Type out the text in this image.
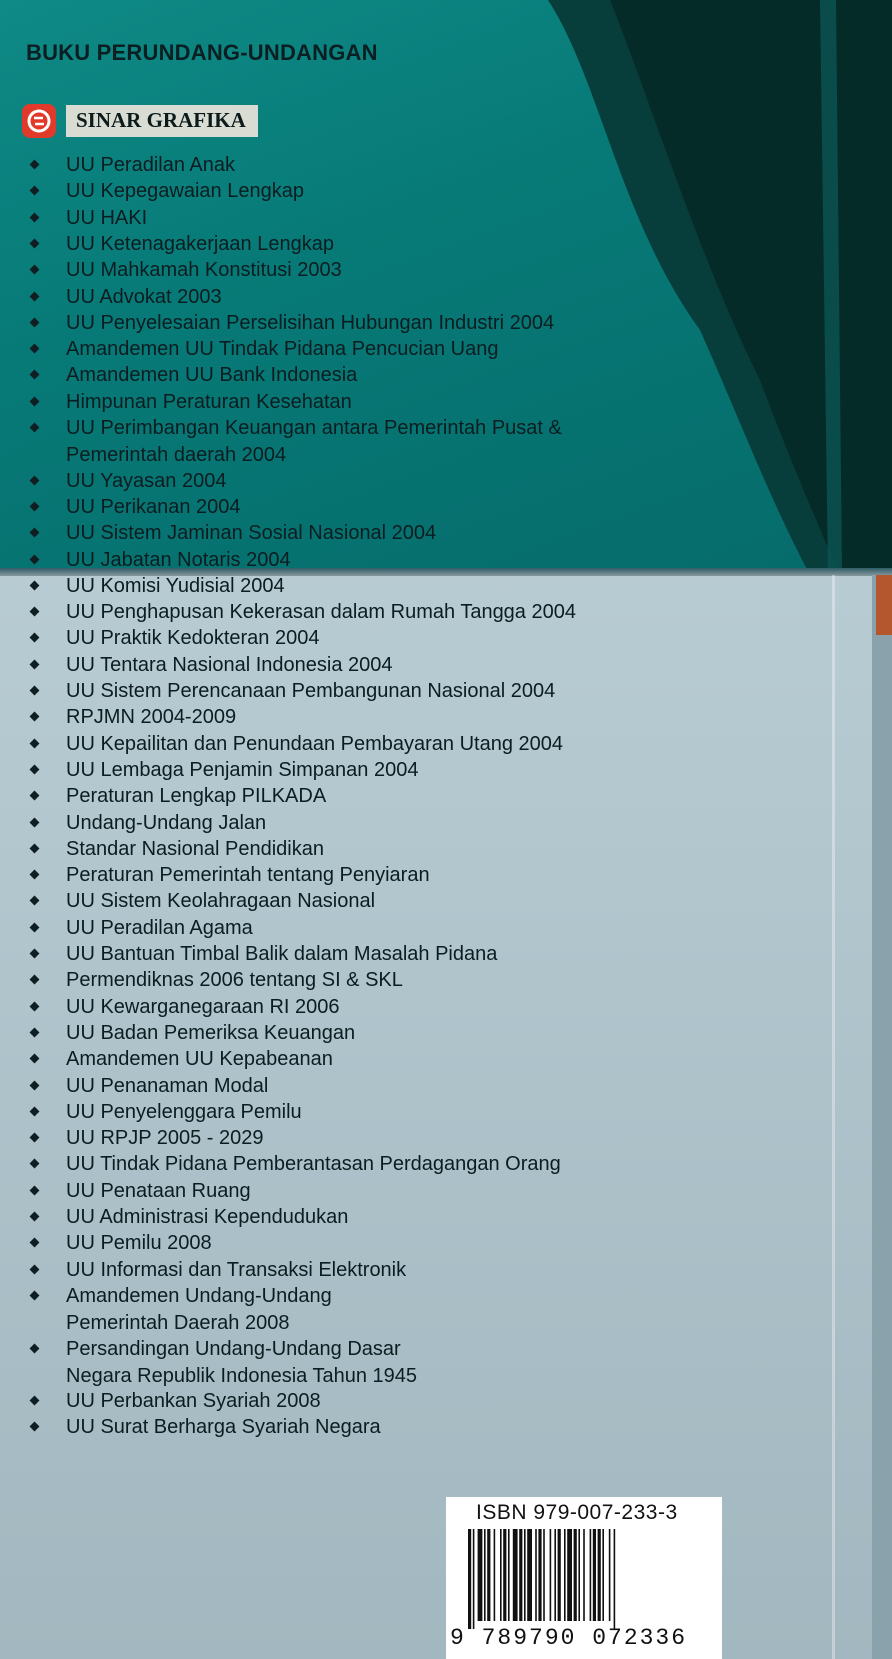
BUKU PERUNDANG-UNDANGAN
SINAR GRAFIKA
UU Peradilan Anak
UU Kepegawaian Lengkap
UU HAKI
UU Ketenagakerjaan Lengkap
UU Mahkamah Konstitusi 2003
UU Advokat 2003
UU Penyelesaian Perselisihan Hubungan Industri 2004
Amandemen UU Tindak Pidana Pencucian Uang
Amandemen UU Bank Indonesia
Himpunan Peraturan Kesehatan
UU Perimbangan Keuangan antara Pemerintah Pusat &
Pemerintah daerah 2004
UU Yayasan 2004
UU Perikanan 2004
UU Sistem Jaminan Sosial Nasional 2004
UU Jabatan Notaris 2004
UU Komisi Yudisial 2004
UU Penghapusan Kekerasan dalam Rumah Tangga 2004
UU Praktik Kedokteran 2004
UU Tentara Nasional Indonesia 2004
UU Sistem Perencanaan Pembangunan Nasional 2004
RPJMN 2004-2009
UU Kepailitan dan Penundaan Pembayaran Utang 2004
UU Lembaga Penjamin Simpanan 2004
Peraturan Lengkap PILKADA
Undang-Undang Jalan
Standar Nasional Pendidikan
Peraturan Pemerintah tentang Penyiaran
UU Sistem Keolahragaan Nasional
UU Peradilan Agama
UU Bantuan Timbal Balik dalam Masalah Pidana
Permendiknas 2006 tentang SI & SKL
UU Kewarganegaraan RI 2006
UU Badan Pemeriksa Keuangan
Amandemen UU Kepabeanan
UU Penanaman Modal
UU Penyelenggara Pemilu
UU RPJP 2005 - 2029
UU Tindak Pidana Pemberantasan Perdagangan Orang
UU Penataan Ruang
UU Administrasi Kependudukan
UU Pemilu 2008
UU Informasi dan Transaksi Elektronik
Amandemen Undang-Undang
Pemerintah Daerah 2008
Persandingan Undang-Undang Dasar
Negara Republik Indonesia Tahun 1945
UU Perbankan Syariah 2008
UU Surat Berharga Syariah Negara
ISBN 979-007-233-3
9 789790 072336
